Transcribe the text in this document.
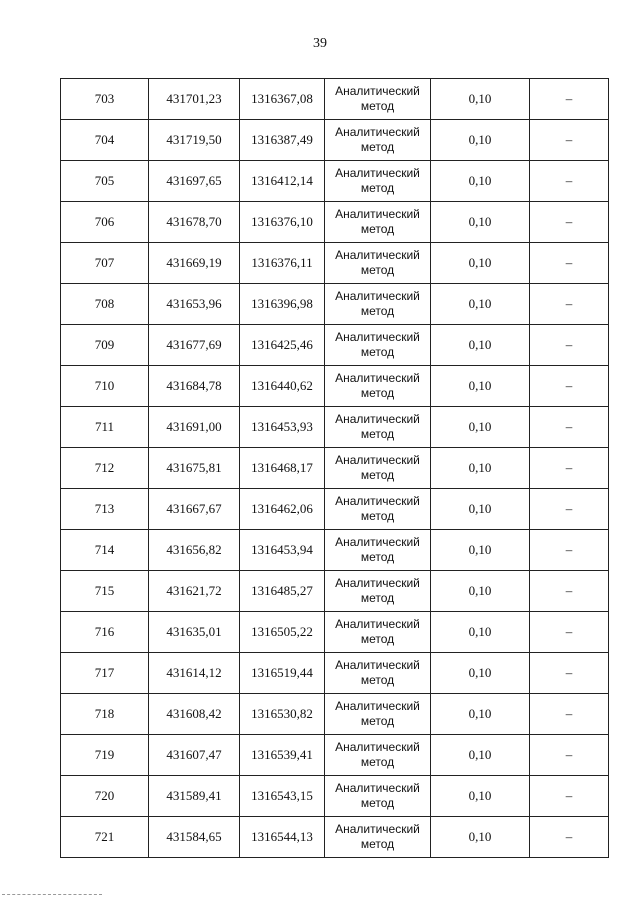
39
703	431701,23	1316367,08	Аналитический метод	0,10	–
704	431719,50	1316387,49	Аналитический метод	0,10	–
705	431697,65	1316412,14	Аналитический метод	0,10	–
706	431678,70	1316376,10	Аналитический метод	0,10	–
707	431669,19	1316376,11	Аналитический метод	0,10	–
708	431653,96	1316396,98	Аналитический метод	0,10	–
709	431677,69	1316425,46	Аналитический метод	0,10	–
710	431684,78	1316440,62	Аналитический метод	0,10	–
711	431691,00	1316453,93	Аналитический метод	0,10	–
712	431675,81	1316468,17	Аналитический метод	0,10	–
713	431667,67	1316462,06	Аналитический метод	0,10	–
714	431656,82	1316453,94	Аналитический метод	0,10	–
715	431621,72	1316485,27	Аналитический метод	0,10	–
716	431635,01	1316505,22	Аналитический метод	0,10	–
717	431614,12	1316519,44	Аналитический метод	0,10	–
718	431608,42	1316530,82	Аналитический метод	0,10	–
719	431607,47	1316539,41	Аналитический метод	0,10	–
720	431589,41	1316543,15	Аналитический метод	0,10	–
721	431584,65	1316544,13	Аналитический метод	0,10	–
